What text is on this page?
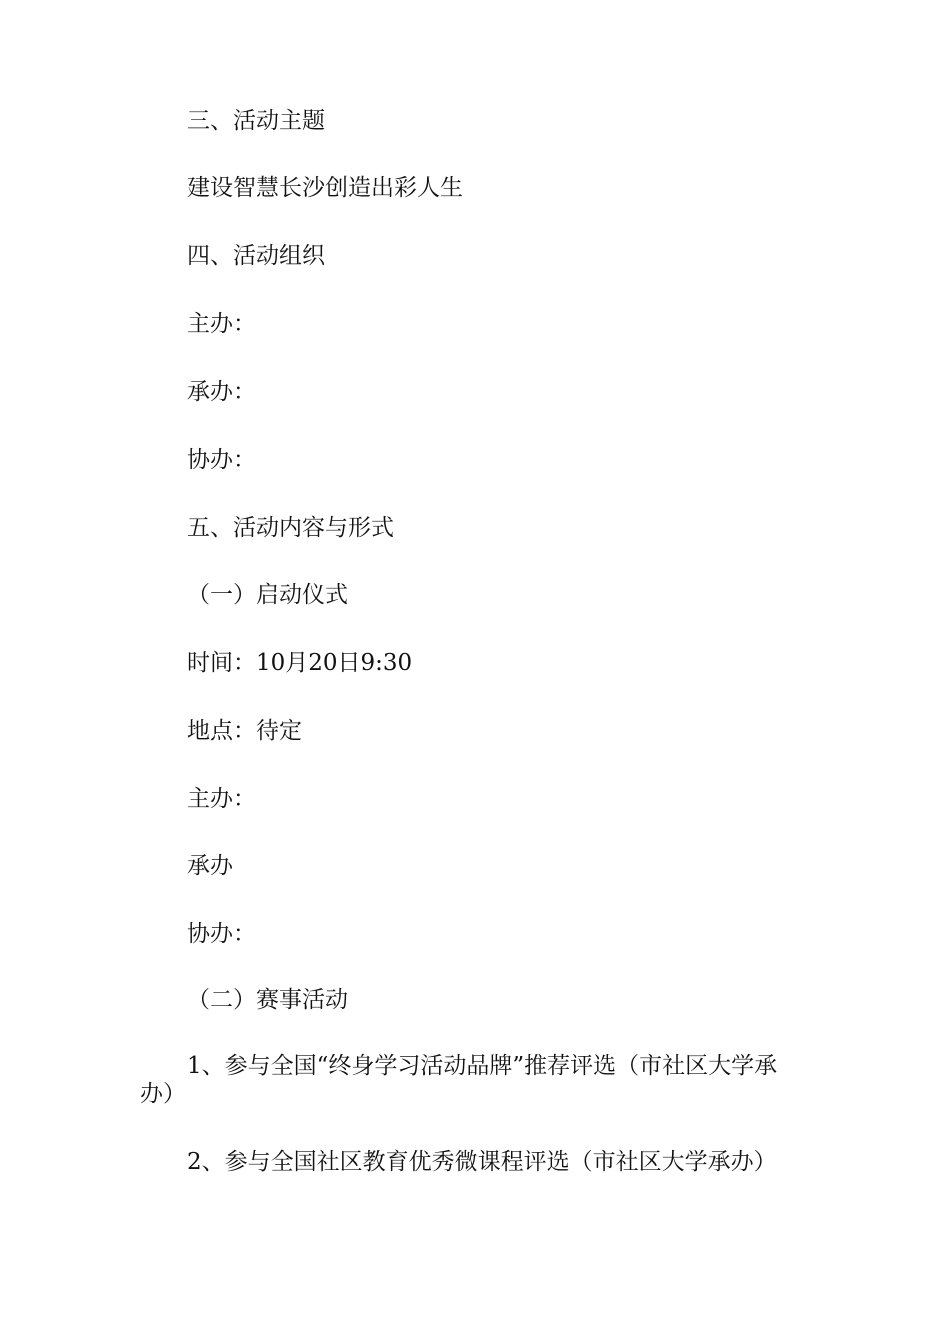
三、活动主题
建设智慧长沙创造出彩人生
四、活动组织
主办：
承办：
协办：
五、活动内容与形式
（一）启动仪式
时间：10月20日9:30
地点：待定
主办：
承办
协办：
（二）赛事活动
1、参与全国“终身学习活动品牌”推荐评选（市社区大学承办）
2、参与全国社区教育优秀微课程评选（市社区大学承办）
